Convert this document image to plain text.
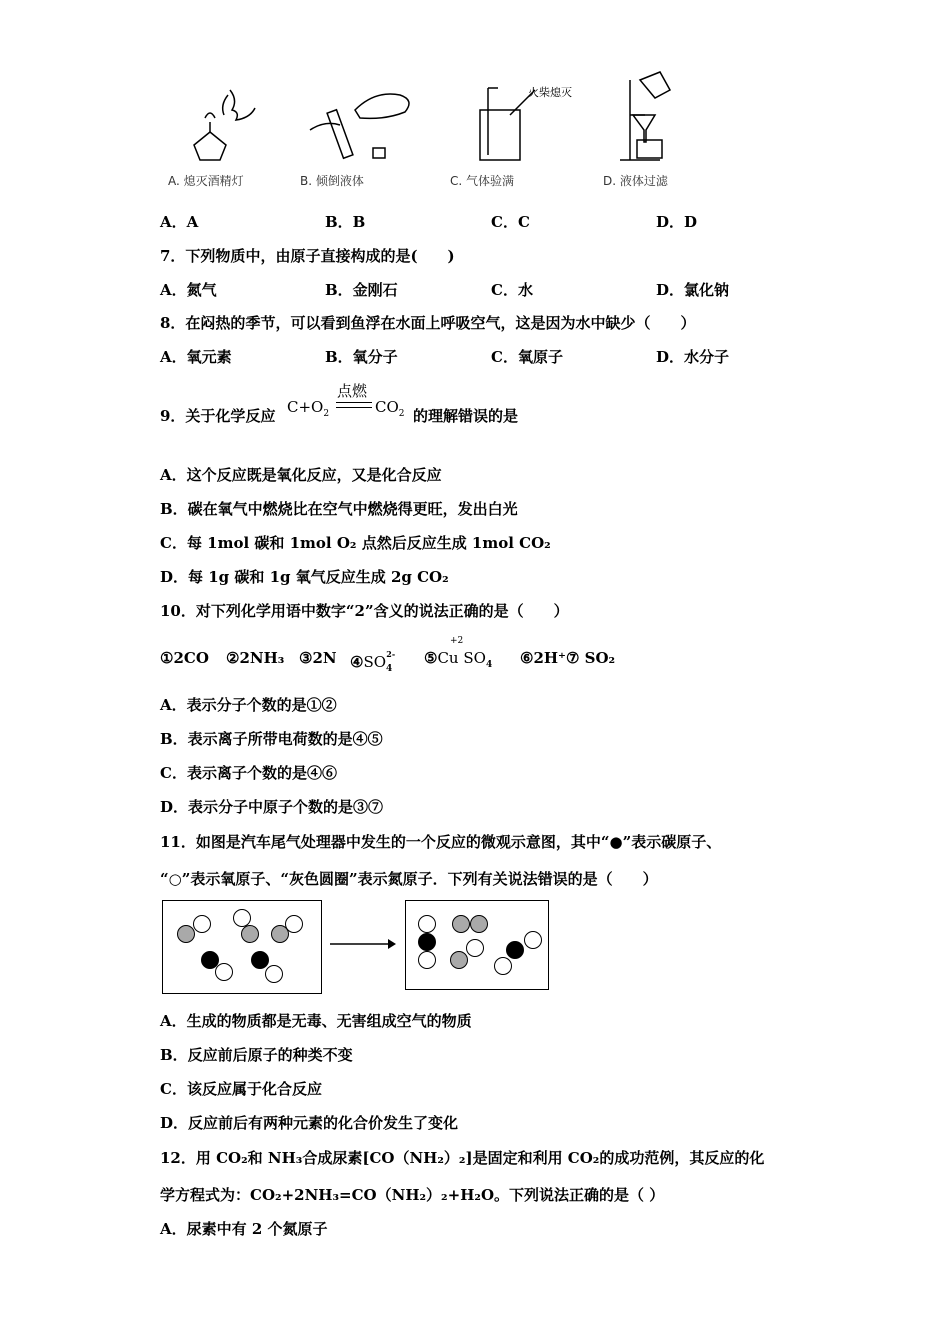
火柴熄灭
A. 熄灭酒精灯	B. 倾倒液体	C. 气体验满	D. 液体过滤
A．A	B．B	C．C	D．D
7．下列物质中，由原子直接构成的是(　　)
A．氮气	B．金刚石	C．水	D．氯化钠
8．在闷热的季节，可以看到鱼浮在水面上呼吸空气，这是因为水中缺少（　　）
A．氧元素	B．氧分子	C．氧原子	D．水分子
9．关于化学反应 $C+O_2$
点燃
$CO_2$ 的理解错误的是
A．这个反应既是氧化反应，又是化合反应
B．碳在氧气中燃烧比在空气中燃烧得更旺，发出白光
C．每 1mol 碳和 1mol O₂ 点然后反应生成 1mol CO₂
D．每 1g 碳和 1g 氧气反应生成 2g CO₂
10．对下列化学用语中数字“2”含义的说法正确的是（　　）
①2CO ②2NH₃ ③2N $④SO_4^{2-}$	⑤Cu $SO_4$
+2
⑥2H⁺⑦ SO₂
A．表示分子个数的是①②
B．表示离子所带电荷数的是④⑤
C．表示离子个数的是④⑥
D．表示分子中原子个数的是③⑦
11．如图是汽车尾气处理器中发生的一个反应的微观示意图，其中“●”表示碳原子、
“○”表示氧原子、“灰色圆圈”表示氮原子．下列有关说法错误的是（　　）
A．生成的物质都是无毒、无害组成空气的物质
B．反应前后原子的种类不变
C．该反应属于化合反应
D．反应前后有两种元素的化合价发生了变化
12．用 CO₂和 NH₃合成尿素[CO（NH₂）₂]是固定和利用 CO₂的成功范例，其反应的化
学方程式为：CO₂+2NH₃=CO（NH₂）₂+H₂O。下列说法正确的是（ ）
A．尿素中有 2 个氮原子
